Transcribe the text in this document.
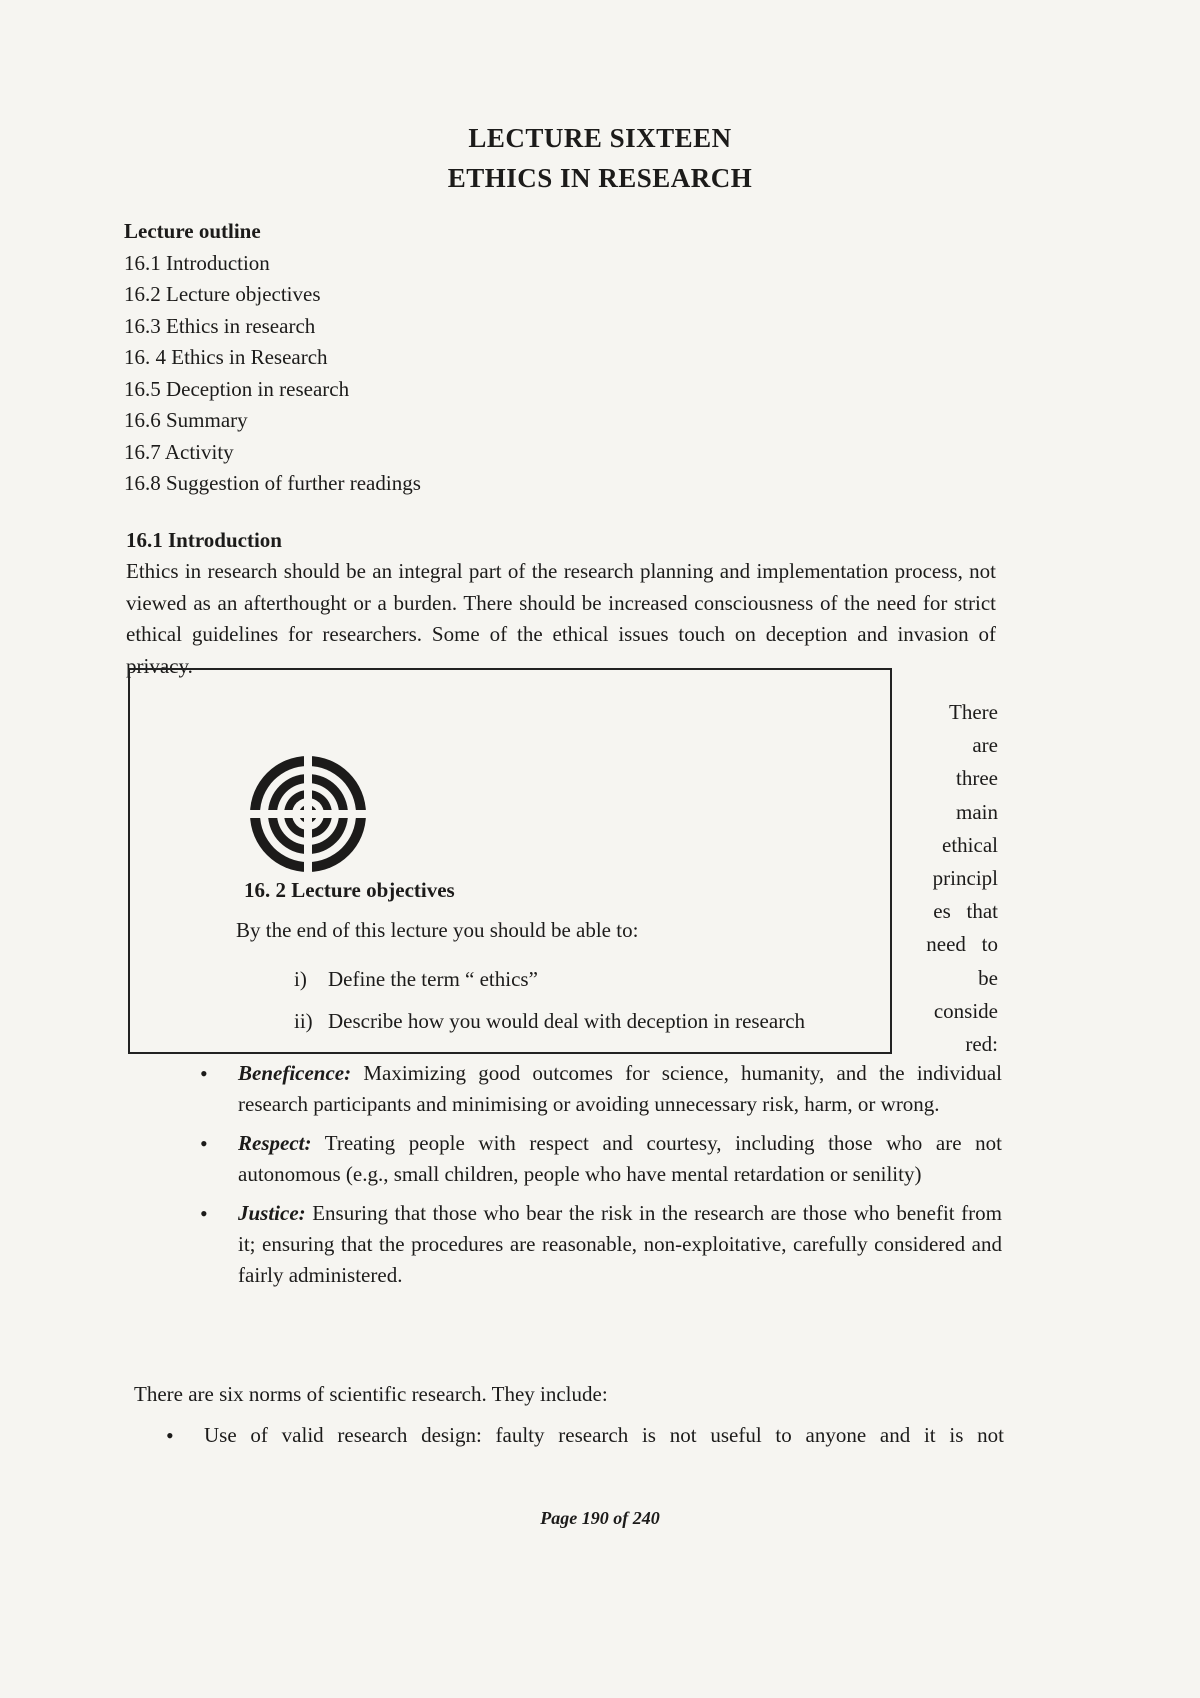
LECTURE SIXTEEN
ETHICS IN RESEARCH
Lecture outline
16.1 Introduction
16.2 Lecture objectives
16.3 Ethics in research
16. 4 Ethics in Research
16.5 Deception in research
16.6 Summary
16.7 Activity
16.8 Suggestion of further readings
16.1 Introduction
Ethics in research should be an integral part of the research planning and implementation process, not viewed as an afterthought or a burden. There should be increased consciousness of the need for strict ethical guidelines for researchers. Some of the ethical issues touch on deception and invasion of privacy.
16. 2 Lecture objectives
By the end of this lecture you should be able to:
i) Define the term “ ethics”
ii) Describe how you would deal with deception in research
There
are
three
main
ethical
principl
es   that
need   to
be
conside
red:
• Beneficence: Maximizing good outcomes for science, humanity, and the individual research participants and minimising or avoiding unnecessary risk, harm, or wrong.
• Respect: Treating people with respect and courtesy, including those who are not autonomous (e.g., small children, people who have mental retardation or senility)
• Justice: Ensuring that those who bear the risk in the research are those who benefit from it; ensuring that the procedures are reasonable, non-exploitative, carefully considered and fairly administered.
There are six norms of scientific research. They include:
• Use of valid research design: faulty research is not useful to anyone and it is not
Page 190 of 240
